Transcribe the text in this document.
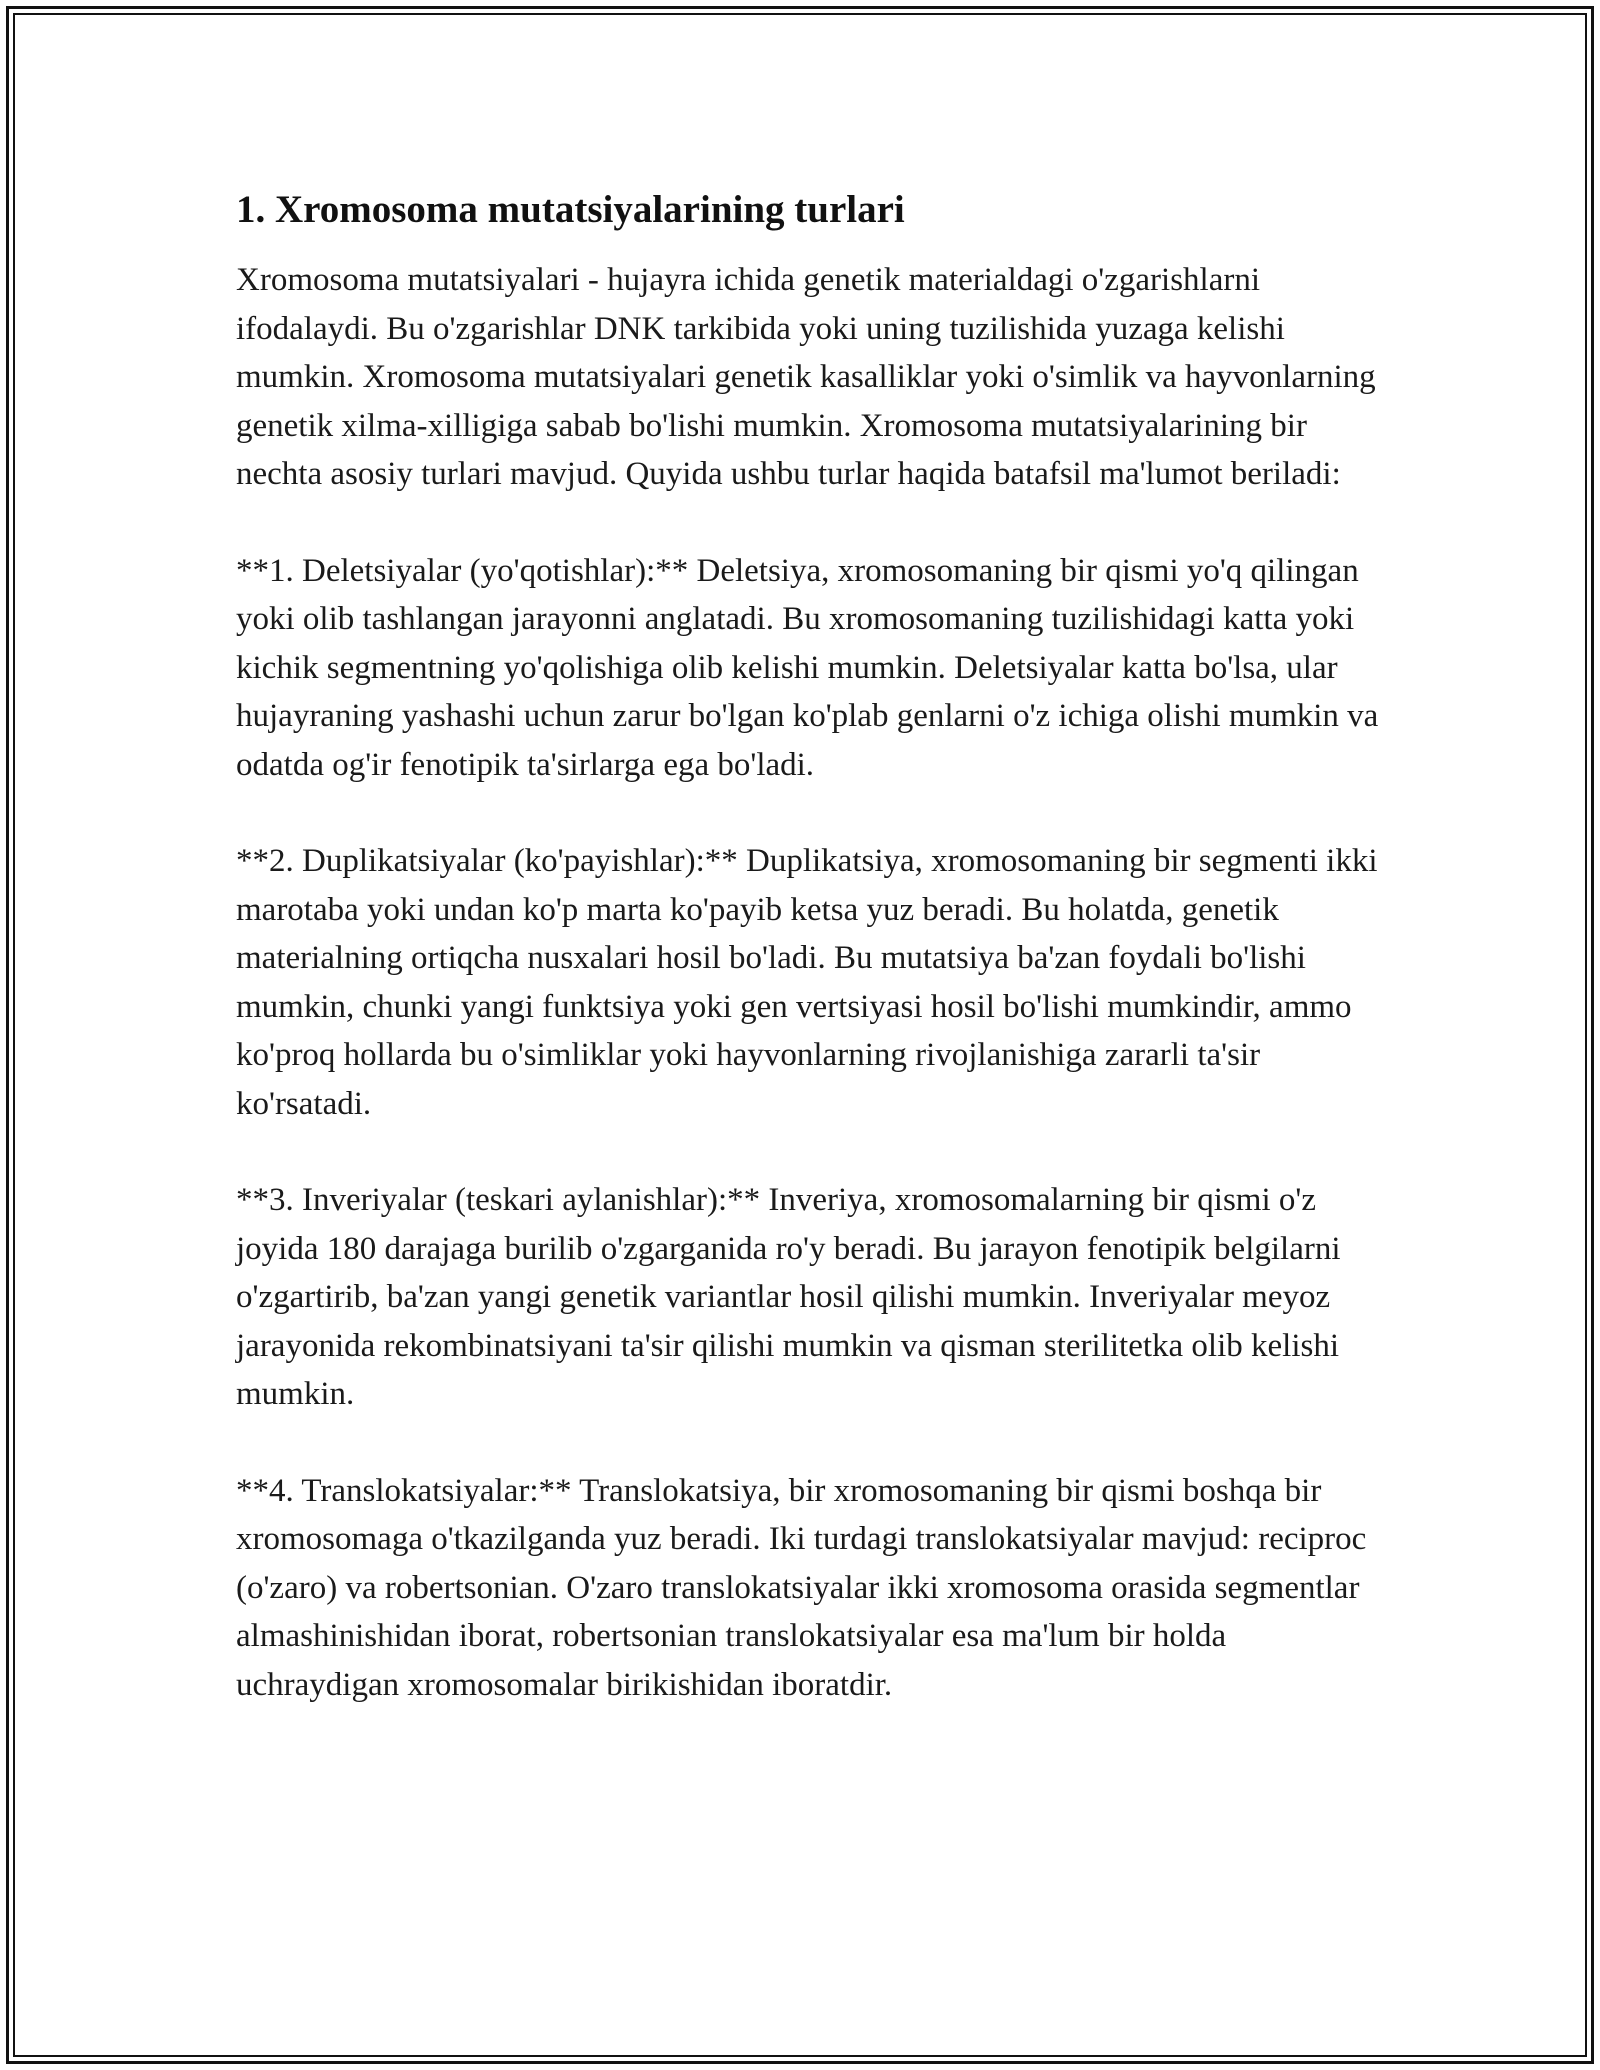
1. Xromosoma mutatsiyalarining turlari

Xromosoma mutatsiyalari - hujayra ichida genetik materialdagi o'zgarishlarni ifodalaydi. Bu o'zgarishlar DNK tarkibida yoki uning tuzilishida yuzaga kelishi mumkin. Xromosoma mutatsiyalari genetik kasalliklar yoki o'simlik va hayvonlarning genetik xilma-xilligiga sabab bo'lishi mumkin. Xromosoma mutatsiyalarining bir nechta asosiy turlari mavjud. Quyida ushbu turlar haqida batafsil ma'lumot beriladi:

**1. Deletsiyalar (yo'qotishlar):** Deletsiya, xromosomaning bir qismi yo'q qilingan yoki olib tashlangan jarayonni anglatadi. Bu xromosomaning tuzilishidagi katta yoki kichik segmentning yo'qolishiga olib kelishi mumkin. Deletsiyalar katta bo'lsa, ular hujayraning yashashi uchun zarur bo'lgan ko'plab genlarni o'z ichiga olishi mumkin va odatda og'ir fenotipik ta'sirlarga ega bo'ladi.

**2. Duplikatsiyalar (ko'payishlar):** Duplikatsiya, xromosomaning bir segmenti ikki marotaba yoki undan ko'p marta ko'payib ketsa yuz beradi. Bu holatda, genetik materialning ortiqcha nusxalari hosil bo'ladi. Bu mutatsiya ba'zan foydali bo'lishi mumkin, chunki yangi funktsiya yoki gen vertsiyasi hosil bo'lishi mumkindir, ammo ko'proq hollarda bu o'simliklar yoki hayvonlarning rivojlanishiga zararli ta'sir ko'rsatadi.

**3. Inveriyalar (teskari aylanishlar):** Inveriya, xromosomalarning bir qismi o'z joyida 180 darajaga burilib o'zgarganida ro'y beradi. Bu jarayon fenotipik belgilarni o'zgartirib, ba'zan yangi genetik variantlar hosil qilishi mumkin. Inveriyalar meyoz jarayonida rekombinatsiyani ta'sir qilishi mumkin va qisman sterilitetka olib kelishi mumkin.

**4. Translokatsiyalar:** Translokatsiya, bir xromosomaning bir qismi boshqa bir xromosomaga o'tkazilganda yuz beradi. Iki turdagi translokatsiyalar mavjud: reciproc (o'zaro) va robertsonian. O'zaro translokatsiyalar ikki xromosoma orasida segmentlar almashinishidan iborat, robertsonian translokatsiyalar esa ma'lum bir holda uchraydigan xromosomalar birikishidan iboratdir.
